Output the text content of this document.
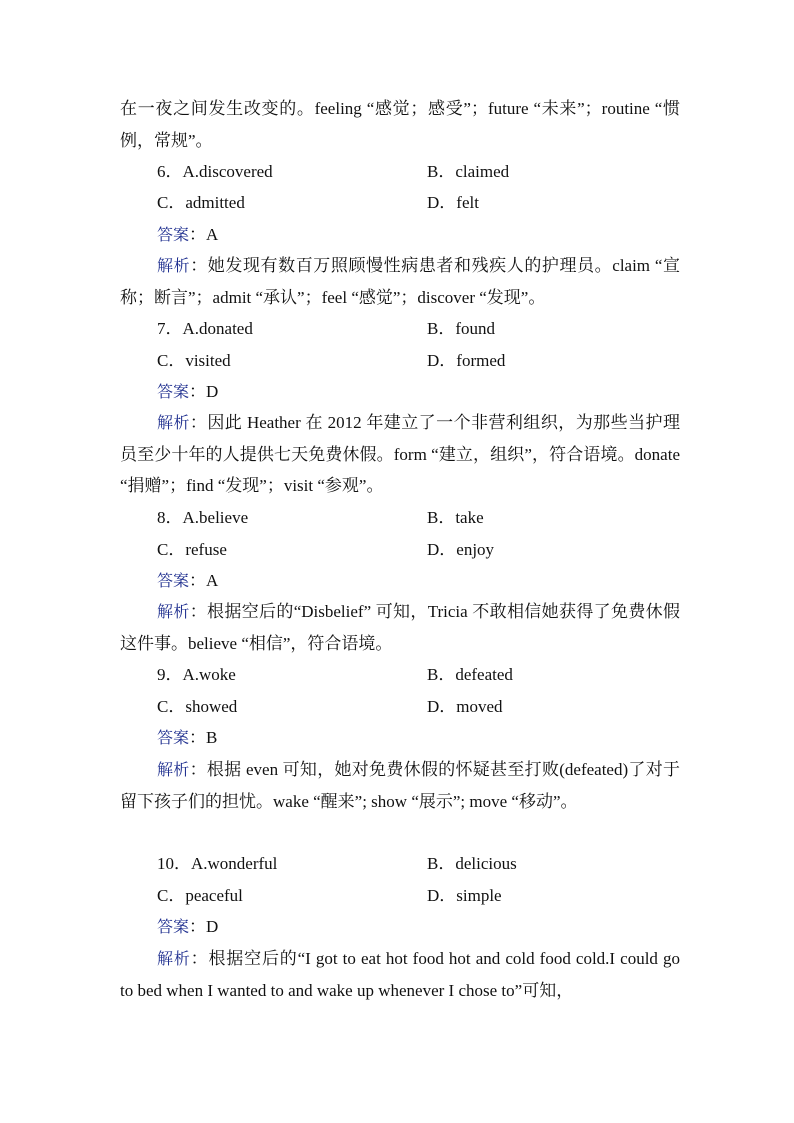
在一夜之间发生改变的。feeling “感觉；感受”；future “未来”；routine “惯例，常规”。
6．A.discovered	B．claimed
C．admitted	D．felt
答案：A
解析：她发现有数百万照顾慢性病患者和残疾人的护理员。claim “宣称；断言”；admit “承认”；feel “感觉”；discover “发现”。
7．A.donated	B．found
C．visited	D．formed
答案：D
解析：因此 Heather 在 2012 年建立了一个非营利组织，为那些当护理员至少十年的人提供七天免费休假。form “建立，组织”，符合语境。donate “捐赠”；find “发现”；visit “参观”。
8．A.believe	B．take
C．refuse	D．enjoy
答案：A
解析：根据空后的“Disbelief” 可知，Tricia 不敢相信她获得了免费休假这件事。believe “相信”，符合语境。
9．A.woke	B．defeated
C．showed	D．moved
答案：B
解析：根据 even 可知，她对免费休假的怀疑甚至打败(defeated)了对于留下孩子们的担忧。wake “醒来”; show “展示”; move “移动”。
10．A.wonderful	B．delicious
C．peaceful	D．simple
答案：D
解析：根据空后的“I got to eat hot food hot and cold food cold.I could go to bed when I wanted to and wake up whenever I chose to”可知，
